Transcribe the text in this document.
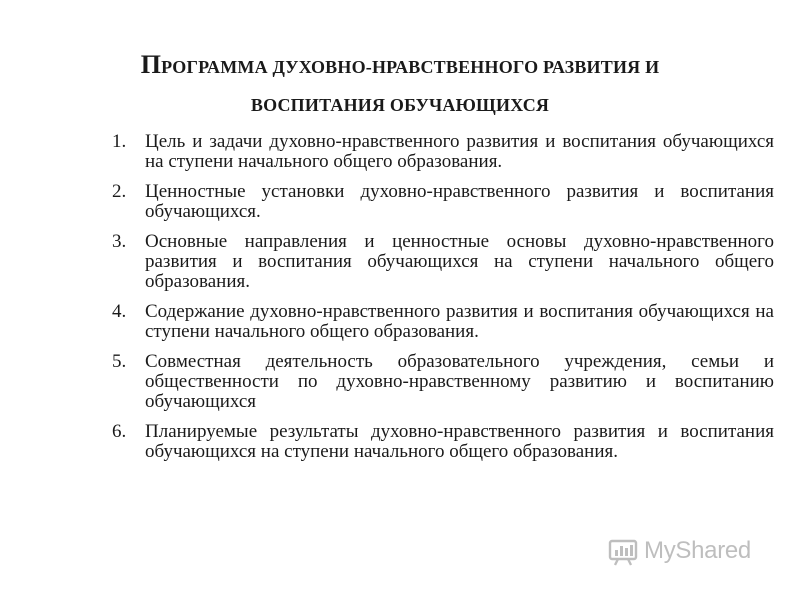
ПРОГРАММА ДУХОВНО-НРАВСТВЕННОГО РАЗВИТИЯ И
ВОСПИТАНИЯ ОБУЧАЮЩИХСЯ
1. Цель и задачи духовно-нравственного развития и воспитания обучающихся на ступени начального общего образования.
2. Ценностные установки духовно-нравственного развития и воспитания обучающихся.
3. Основные направления и ценностные основы духовно-нравственного развития и воспитания обучающихся на ступени начального общего образования.
4. Содержание духовно-нравственного развития и воспитания обучающихся на ступени начального общего образования.
5. Совместная деятельность образовательного учреждения, семьи и общественности по духовно-нравственному развитию и воспитанию обучающихся
6. Планируемые результаты духовно-нравственного развития и воспитания обучающихся на ступени начального общего образования.
MyShared
